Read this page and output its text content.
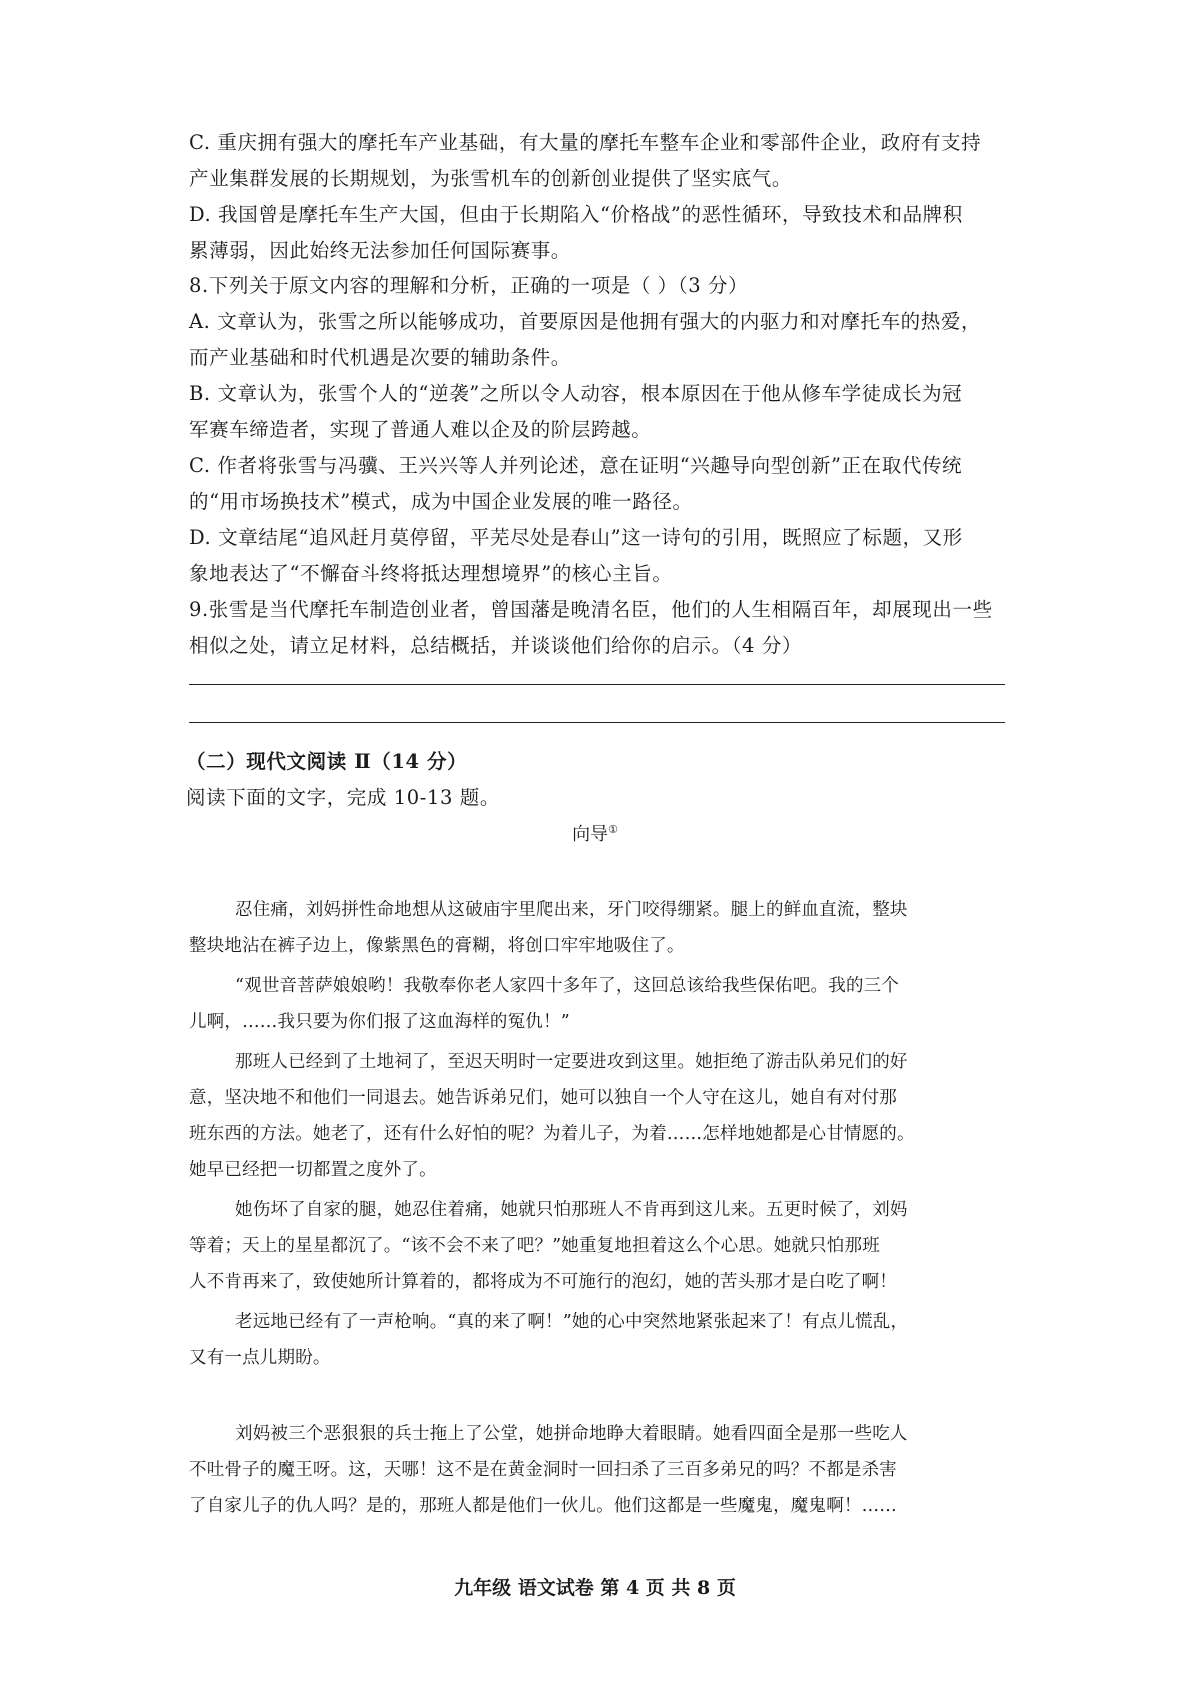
C. 重庆拥有强大的摩托车产业基础，有大量的摩托车整车企业和零部件企业，政府有支持
产业集群发展的长期规划，为张雪机车的创新创业提供了坚实底气。
D. 我国曾是摩托车生产大国，但由于长期陷入“价格战”的恶性循环，导致技术和品牌积
累薄弱，因此始终无法参加任何国际赛事。
8.下列关于原文内容的理解和分析，正确的一项是（ ）（3 分）
A. 文章认为，张雪之所以能够成功，首要原因是他拥有强大的内驱力和对摩托车的热爱，
而产业基础和时代机遇是次要的辅助条件。
B. 文章认为，张雪个人的“逆袭”之所以令人动容，根本原因在于他从修车学徒成长为冠
军赛车缔造者，实现了普通人难以企及的阶层跨越。
C. 作者将张雪与冯骥、王兴兴等人并列论述，意在证明“兴趣导向型创新”正在取代传统
的“用市场换技术”模式，成为中国企业发展的唯一路径。
D. 文章结尾“追风赶月莫停留，平芜尽处是春山”这一诗句的引用，既照应了标题，又形
象地表达了“不懈奋斗终将抵达理想境界”的核心主旨。
9.张雪是当代摩托车制造创业者，曾国藩是晚清名臣，他们的人生相隔百年，却展现出一些
相似之处，请立足材料，总结概括，并谈谈他们给你的启示。（4 分）
（二）现代文阅读 Ⅱ（14 分）
阅读下面的文字，完成 10-13 题。
向导①
忍住痛，刘妈拼性命地想从这破庙宇里爬出来，牙门咬得绷紧。腿上的鲜血直流，整块
整块地沾在裤子边上，像紫黑色的膏糊，将创口牢牢地吸住了。
“观世音菩萨娘娘哟！我敬奉你老人家四十多年了，这回总该给我些保佑吧。我的三个
儿啊，……我只要为你们报了这血海样的冤仇！”
那班人已经到了土地祠了，至迟天明时一定要进攻到这里。她拒绝了游击队弟兄们的好
意，坚决地不和他们一同退去。她告诉弟兄们，她可以独自一个人守在这儿，她自有对付那
班东西的方法。她老了，还有什么好怕的呢？为着儿子，为着……怎样地她都是心甘情愿的。
她早已经把一切都置之度外了。
她伤坏了自家的腿，她忍住着痛，她就只怕那班人不肯再到这儿来。五更时候了，刘妈
等着；天上的星星都沉了。“该不会不来了吧？”她重复地担着这么个心思。她就只怕那班
人不肯再来了，致使她所计算着的，都将成为不可施行的泡幻，她的苦头那才是白吃了啊！
老远地已经有了一声枪响。“真的来了啊！”她的心中突然地紧张起来了！有点儿慌乱，
又有一点儿期盼。
刘妈被三个恶狠狠的兵士拖上了公堂，她拼命地睁大着眼睛。她看四面全是那一些吃人
不吐骨子的魔王呀。这，天哪！这不是在黄金洞时一回扫杀了三百多弟兄的吗？不都是杀害
了自家儿子的仇人吗？是的，那班人都是他们一伙儿。他们这都是一些魔鬼，魔鬼啊！……
九年级 语文试卷 第 4 页 共 8 页
